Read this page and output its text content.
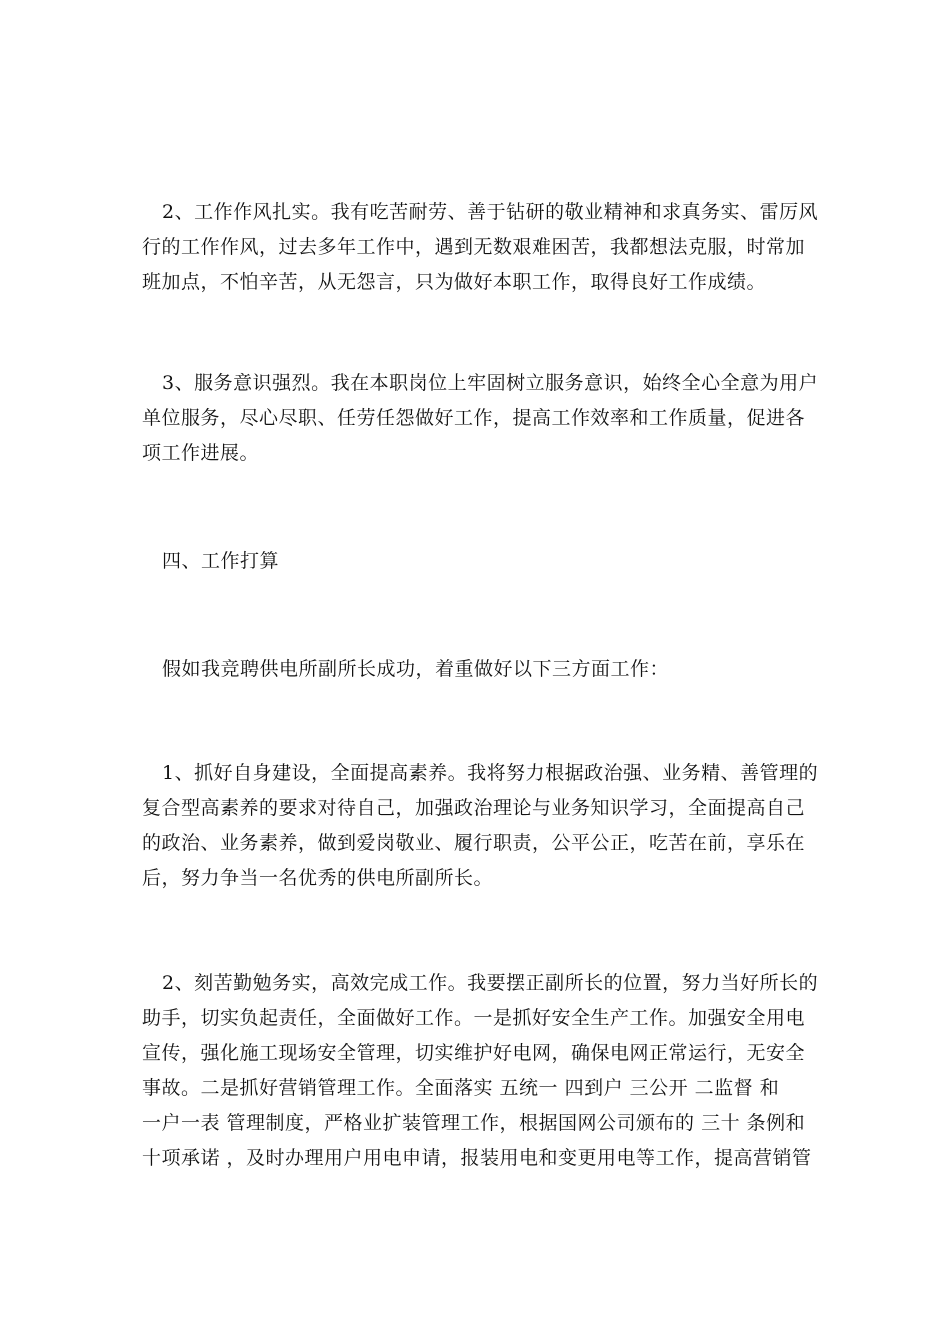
2、工作作风扎实。我有吃苦耐劳、善于钻研的敬业精神和求真务实、雷厉风
行的工作作风，过去多年工作中，遇到无数艰难困苦，我都想法克服，时常加
班加点，不怕辛苦，从无怨言，只为做好本职工作，取得良好工作成绩。

3、服务意识强烈。我在本职岗位上牢固树立服务意识，始终全心全意为用户
单位服务，尽心尽职、任劳任怨做好工作，提高工作效率和工作质量，促进各
项工作进展。

四、工作打算

假如我竞聘供电所副所长成功，着重做好以下三方面工作：

1、抓好自身建设，全面提高素养。我将努力根据政治强、业务精、善管理的
复合型高素养的要求对待自己，加强政治理论与业务知识学习，全面提高自己
的政治、业务素养，做到爱岗敬业、履行职责，公平公正，吃苦在前，享乐在
后，努力争当一名优秀的供电所副所长。

2、刻苦勤勉务实，高效完成工作。我要摆正副所长的位置，努力当好所长的
助手，切实负起责任，全面做好工作。一是抓好安全生产工作。加强安全用电
宣传，强化施工现场安全管理，切实维护好电网，确保电网正常运行，无安全
事故。二是抓好营销管理工作。全面落实 五统一 四到户 三公开 二监督 和
一户一表 管理制度，严格业扩装管理工作，根据国网公司颁布的 三十 条例和
十项承诺 ，及时办理用户用电申请，报装用电和变更用电等工作，提高营销管
